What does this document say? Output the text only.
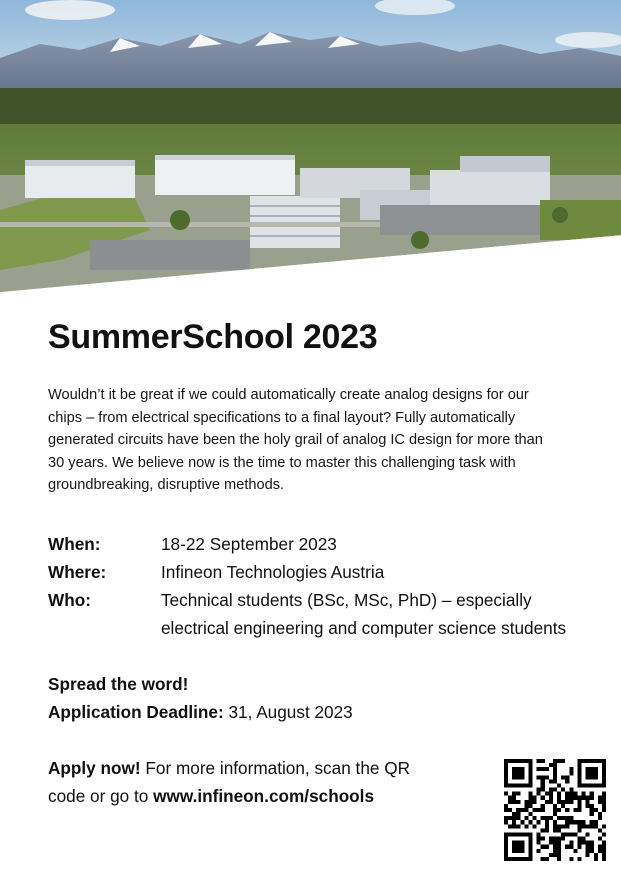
SummerSchool 2023

Wouldn’t it be great if we could automatically create analog designs for our chips – from electrical specifications to a final layout? Fully automatically generated circuits have been the holy grail of analog IC design for more than 30 years. We believe now is the time to master this challenging task with groundbreaking, disruptive methods.

When:	18-22 September 2023
Where:	Infineon Technologies Austria
Who:	Technical students (BSc, MSc, PhD) – especially electrical engineering and computer science students
Spread the word!
Application Deadline: 31, August 2023
Apply now! For more information, scan the QR code or go to www.infineon.com/schools
